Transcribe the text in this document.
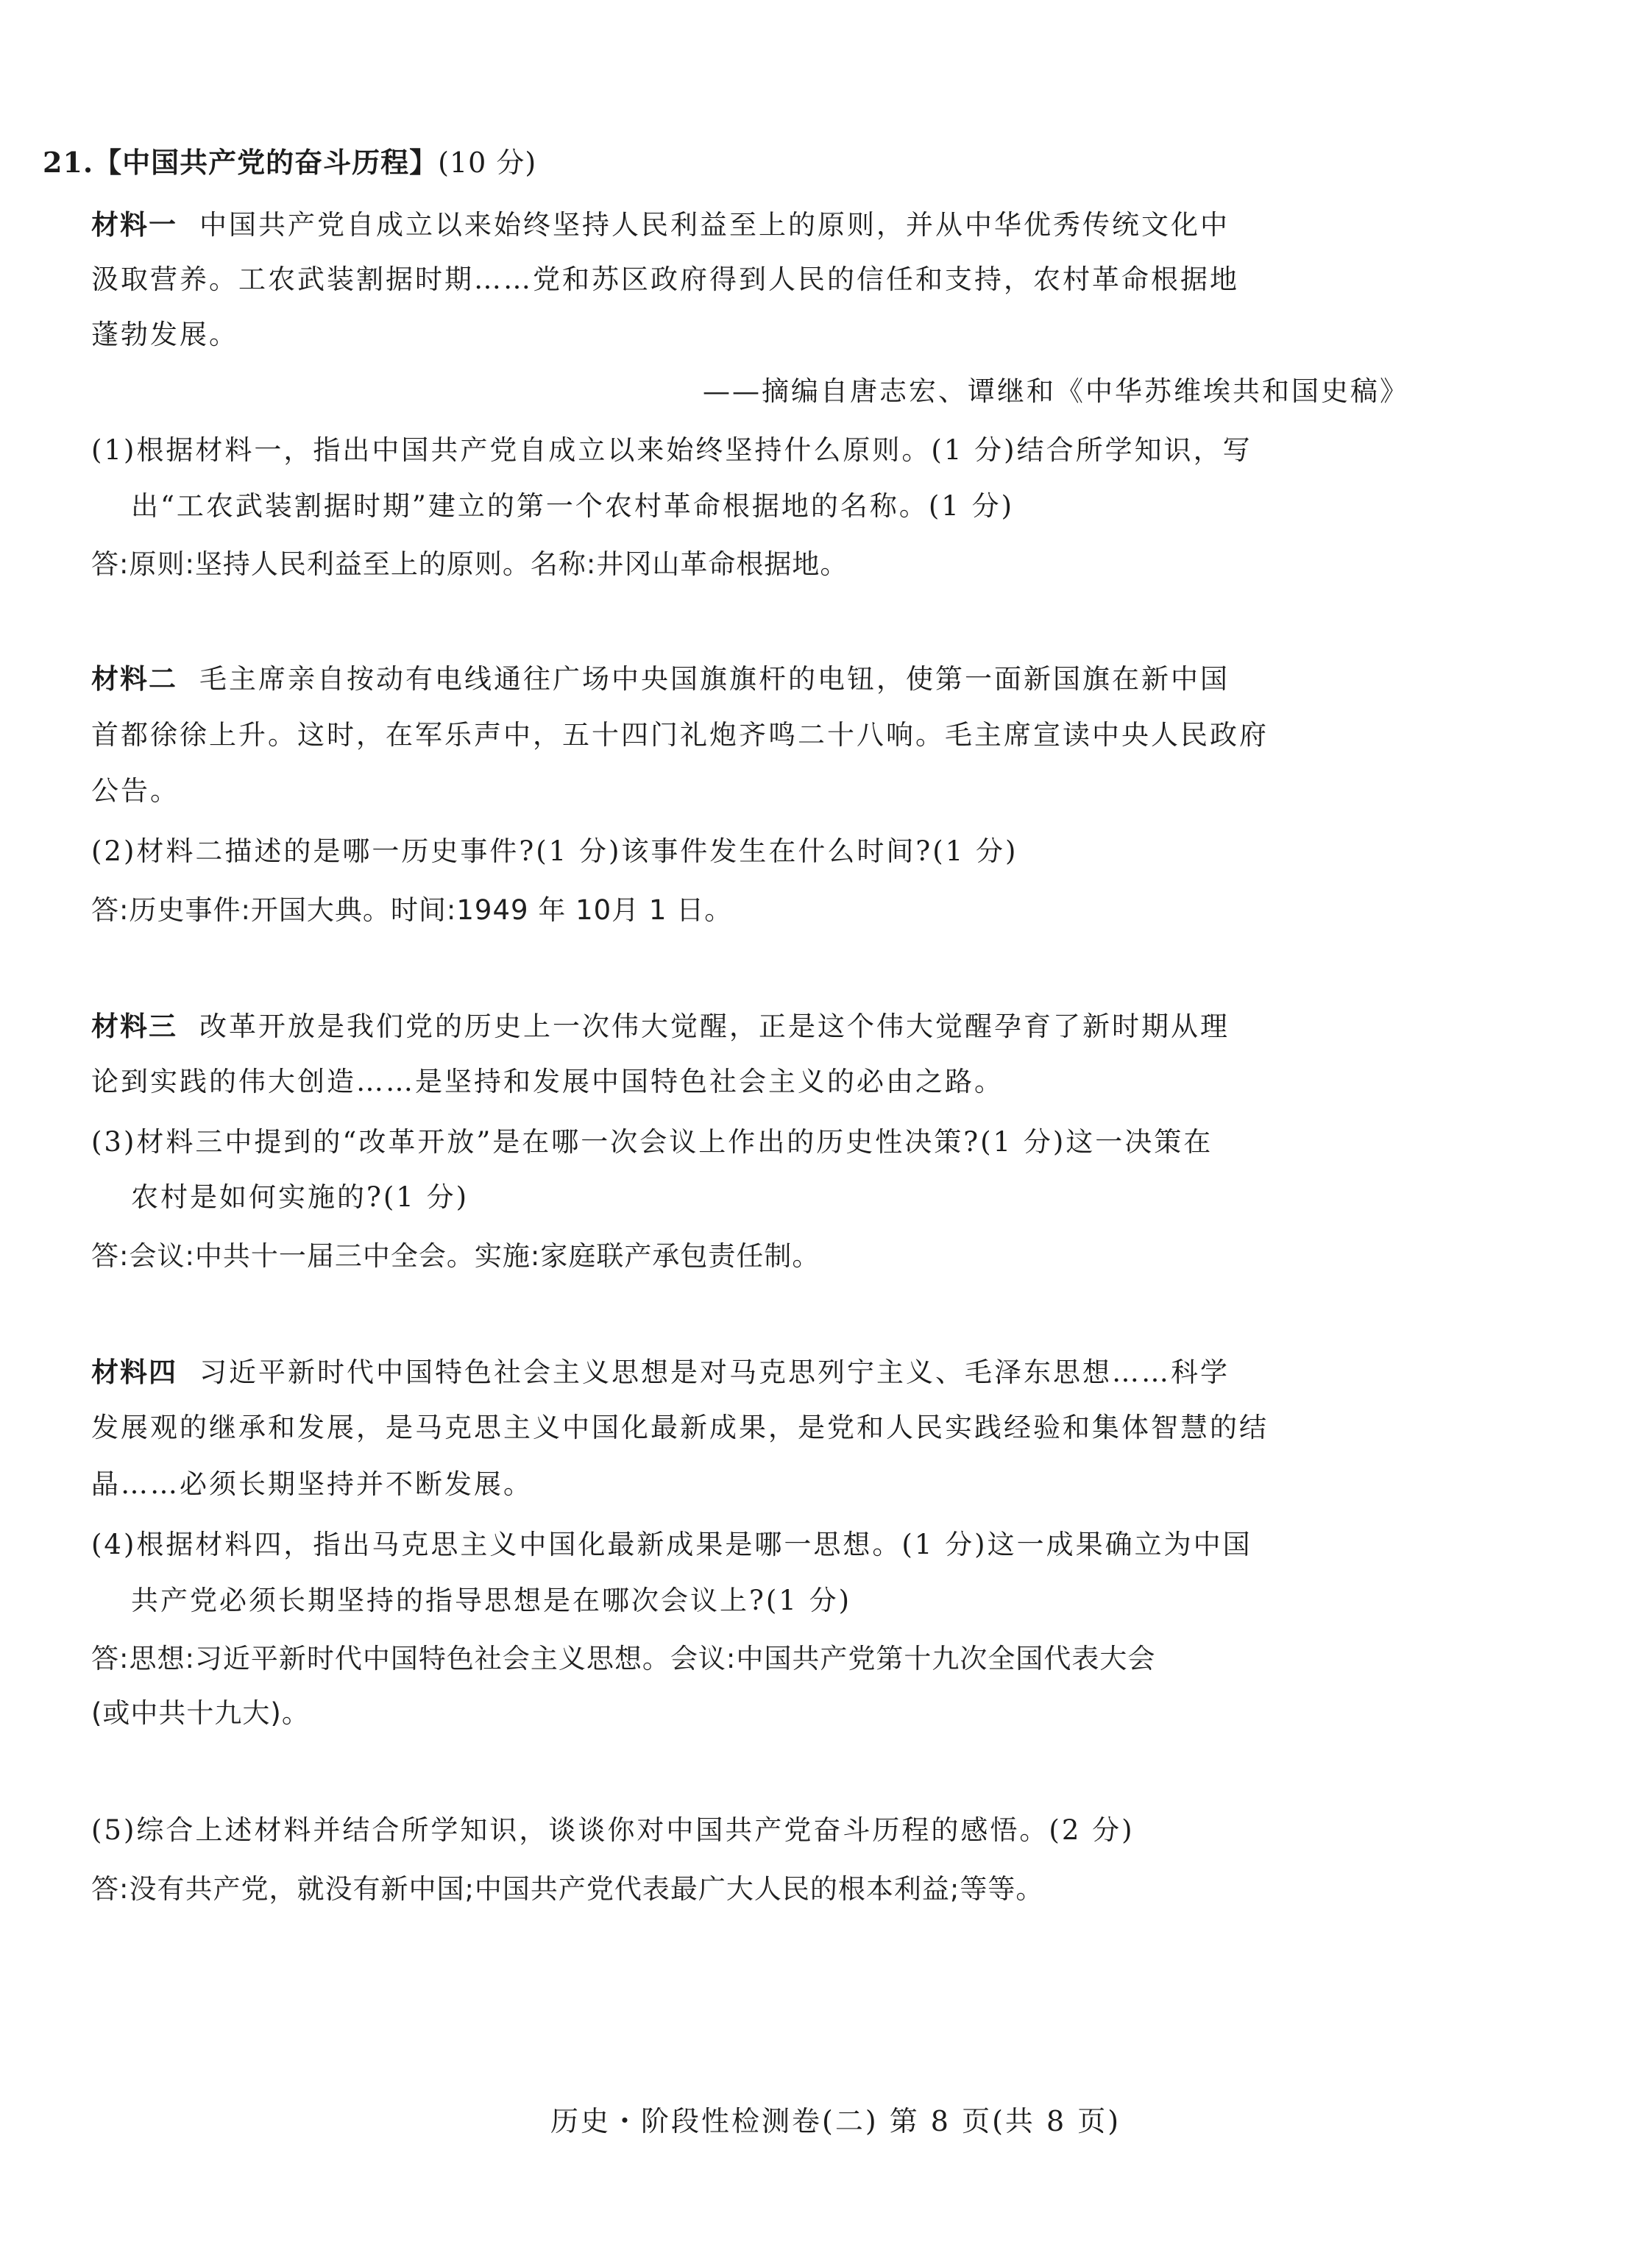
21.【中国共产党的奋斗历程】(10 分)
材料一 中国共产党自成立以来始终坚持人民利益至上的原则，并从中华优秀传统文化中
汲取营养。工农武装割据时期……党和苏区政府得到人民的信任和支持，农村革命根据地
蓬勃发展。
——摘编自唐志宏、谭继和《中华苏维埃共和国史稿》
(1)根据材料一，指出中国共产党自成立以来始终坚持什么原则。(1 分)结合所学知识，写
出“工农武装割据时期”建立的第一个农村革命根据地的名称。(1 分)
答:原则:坚持人民利益至上的原则。名称:井冈山革命根据地。
材料二 毛主席亲自按动有电线通往广场中央国旗旗杆的电钮，使第一面新国旗在新中国
首都徐徐上升。这时，在军乐声中，五十四门礼炮齐鸣二十八响。毛主席宣读中央人民政府
公告。
(2)材料二描述的是哪一历史事件?(1 分)该事件发生在什么时间?(1 分)
答:历史事件:开国大典。时间:1949 年 10月 1 日。
材料三 改革开放是我们党的历史上一次伟大觉醒，正是这个伟大觉醒孕育了新时期从理
论到实践的伟大创造……是坚持和发展中国特色社会主义的必由之路。
(3)材料三中提到的“改革开放”是在哪一次会议上作出的历史性决策?(1 分)这一决策在
农村是如何实施的?(1 分)
答:会议:中共十一届三中全会。实施:家庭联产承包责任制。
材料四 习近平新时代中国特色社会主义思想是对马克思列宁主义、毛泽东思想……科学
发展观的继承和发展，是马克思主义中国化最新成果，是党和人民实践经验和集体智慧的结
晶……必须长期坚持并不断发展。
(4)根据材料四，指出马克思主义中国化最新成果是哪一思想。(1 分)这一成果确立为中国
共产党必须长期坚持的指导思想是在哪次会议上?(1 分)
答:思想:习近平新时代中国特色社会主义思想。会议:中国共产党第十九次全国代表大会
(或中共十九大)。
(5)综合上述材料并结合所学知识，谈谈你对中国共产党奋斗历程的感悟。(2 分)
答:没有共产党，就没有新中国;中国共产党代表最广大人民的根本利益;等等。
历史・阶段性检测卷(二) 第 8 页(共 8 页)
